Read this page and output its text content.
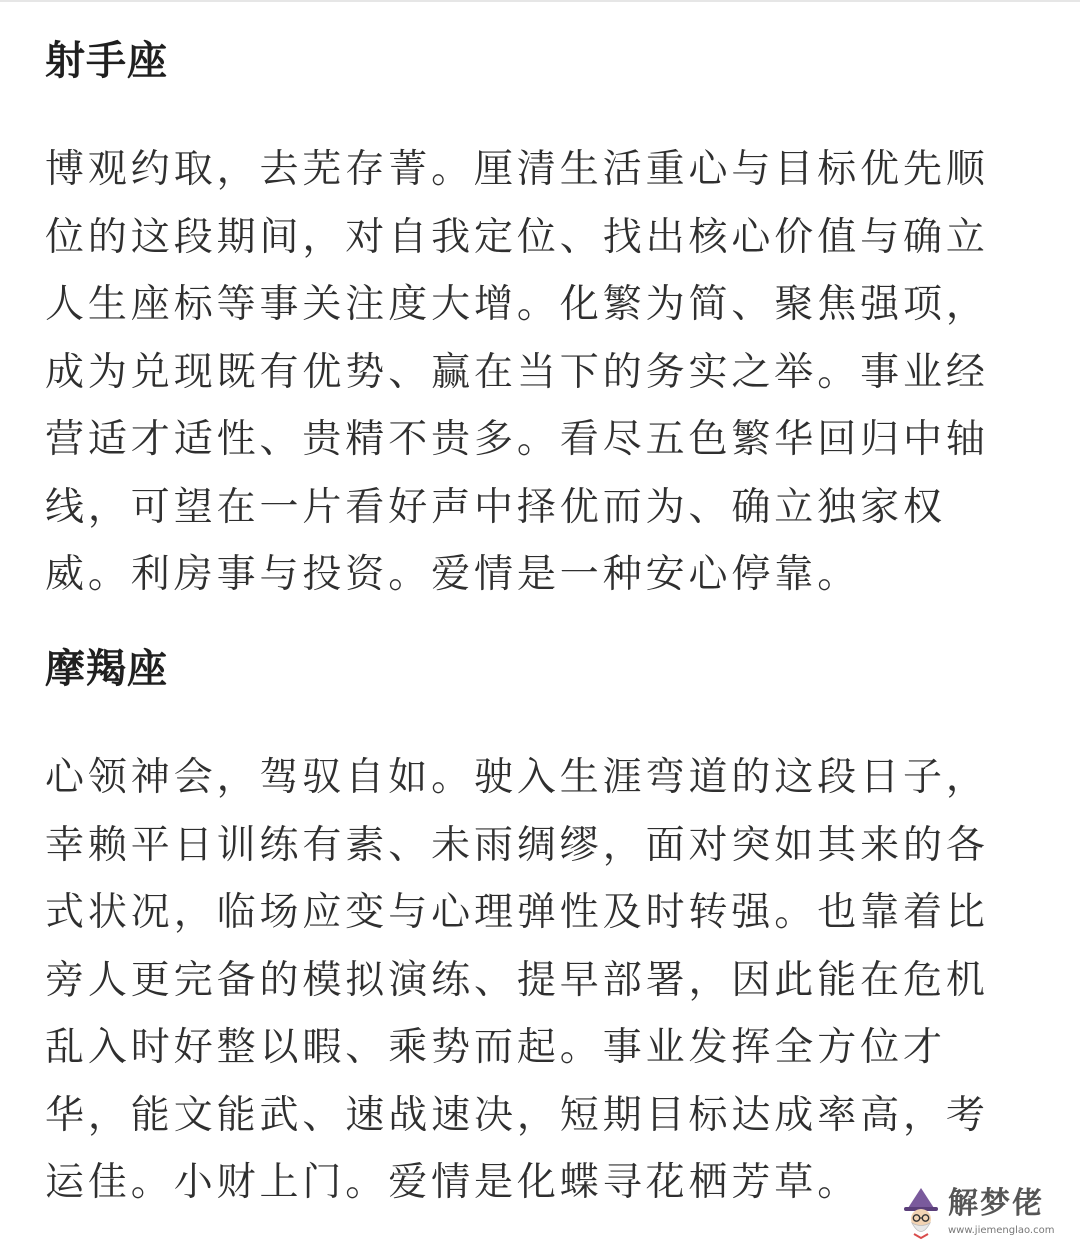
射手座

博观约取，去芜存菁。厘清生活重心与目标优先顺位的这段期间，对自我定位、找出核心价值与确立人生座标等事关注度大增。化繁为简、聚焦强项，成为兑现既有优势、赢在当下的务实之举。事业经营适才适性、贵精不贵多。看尽五色繁华回归中轴线，可望在一片看好声中择优而为、确立独家权威。利房事与投资。爱情是一种安心停靠。

摩羯座

心领神会，驾驭自如。驶入生涯弯道的这段日子，幸赖平日训练有素、未雨绸缪，面对突如其来的各式状况，临场应变与心理弹性及时转强。也靠着比旁人更完备的模拟演练、提早部署，因此能在危机乱入时好整以暇、乘势而起。事业发挥全方位才华，能文能武、速战速决，短期目标达成率高，考运佳。小财上门。爱情是化蝶寻花栖芳草。	解梦佬
www.jiemenglao.com
